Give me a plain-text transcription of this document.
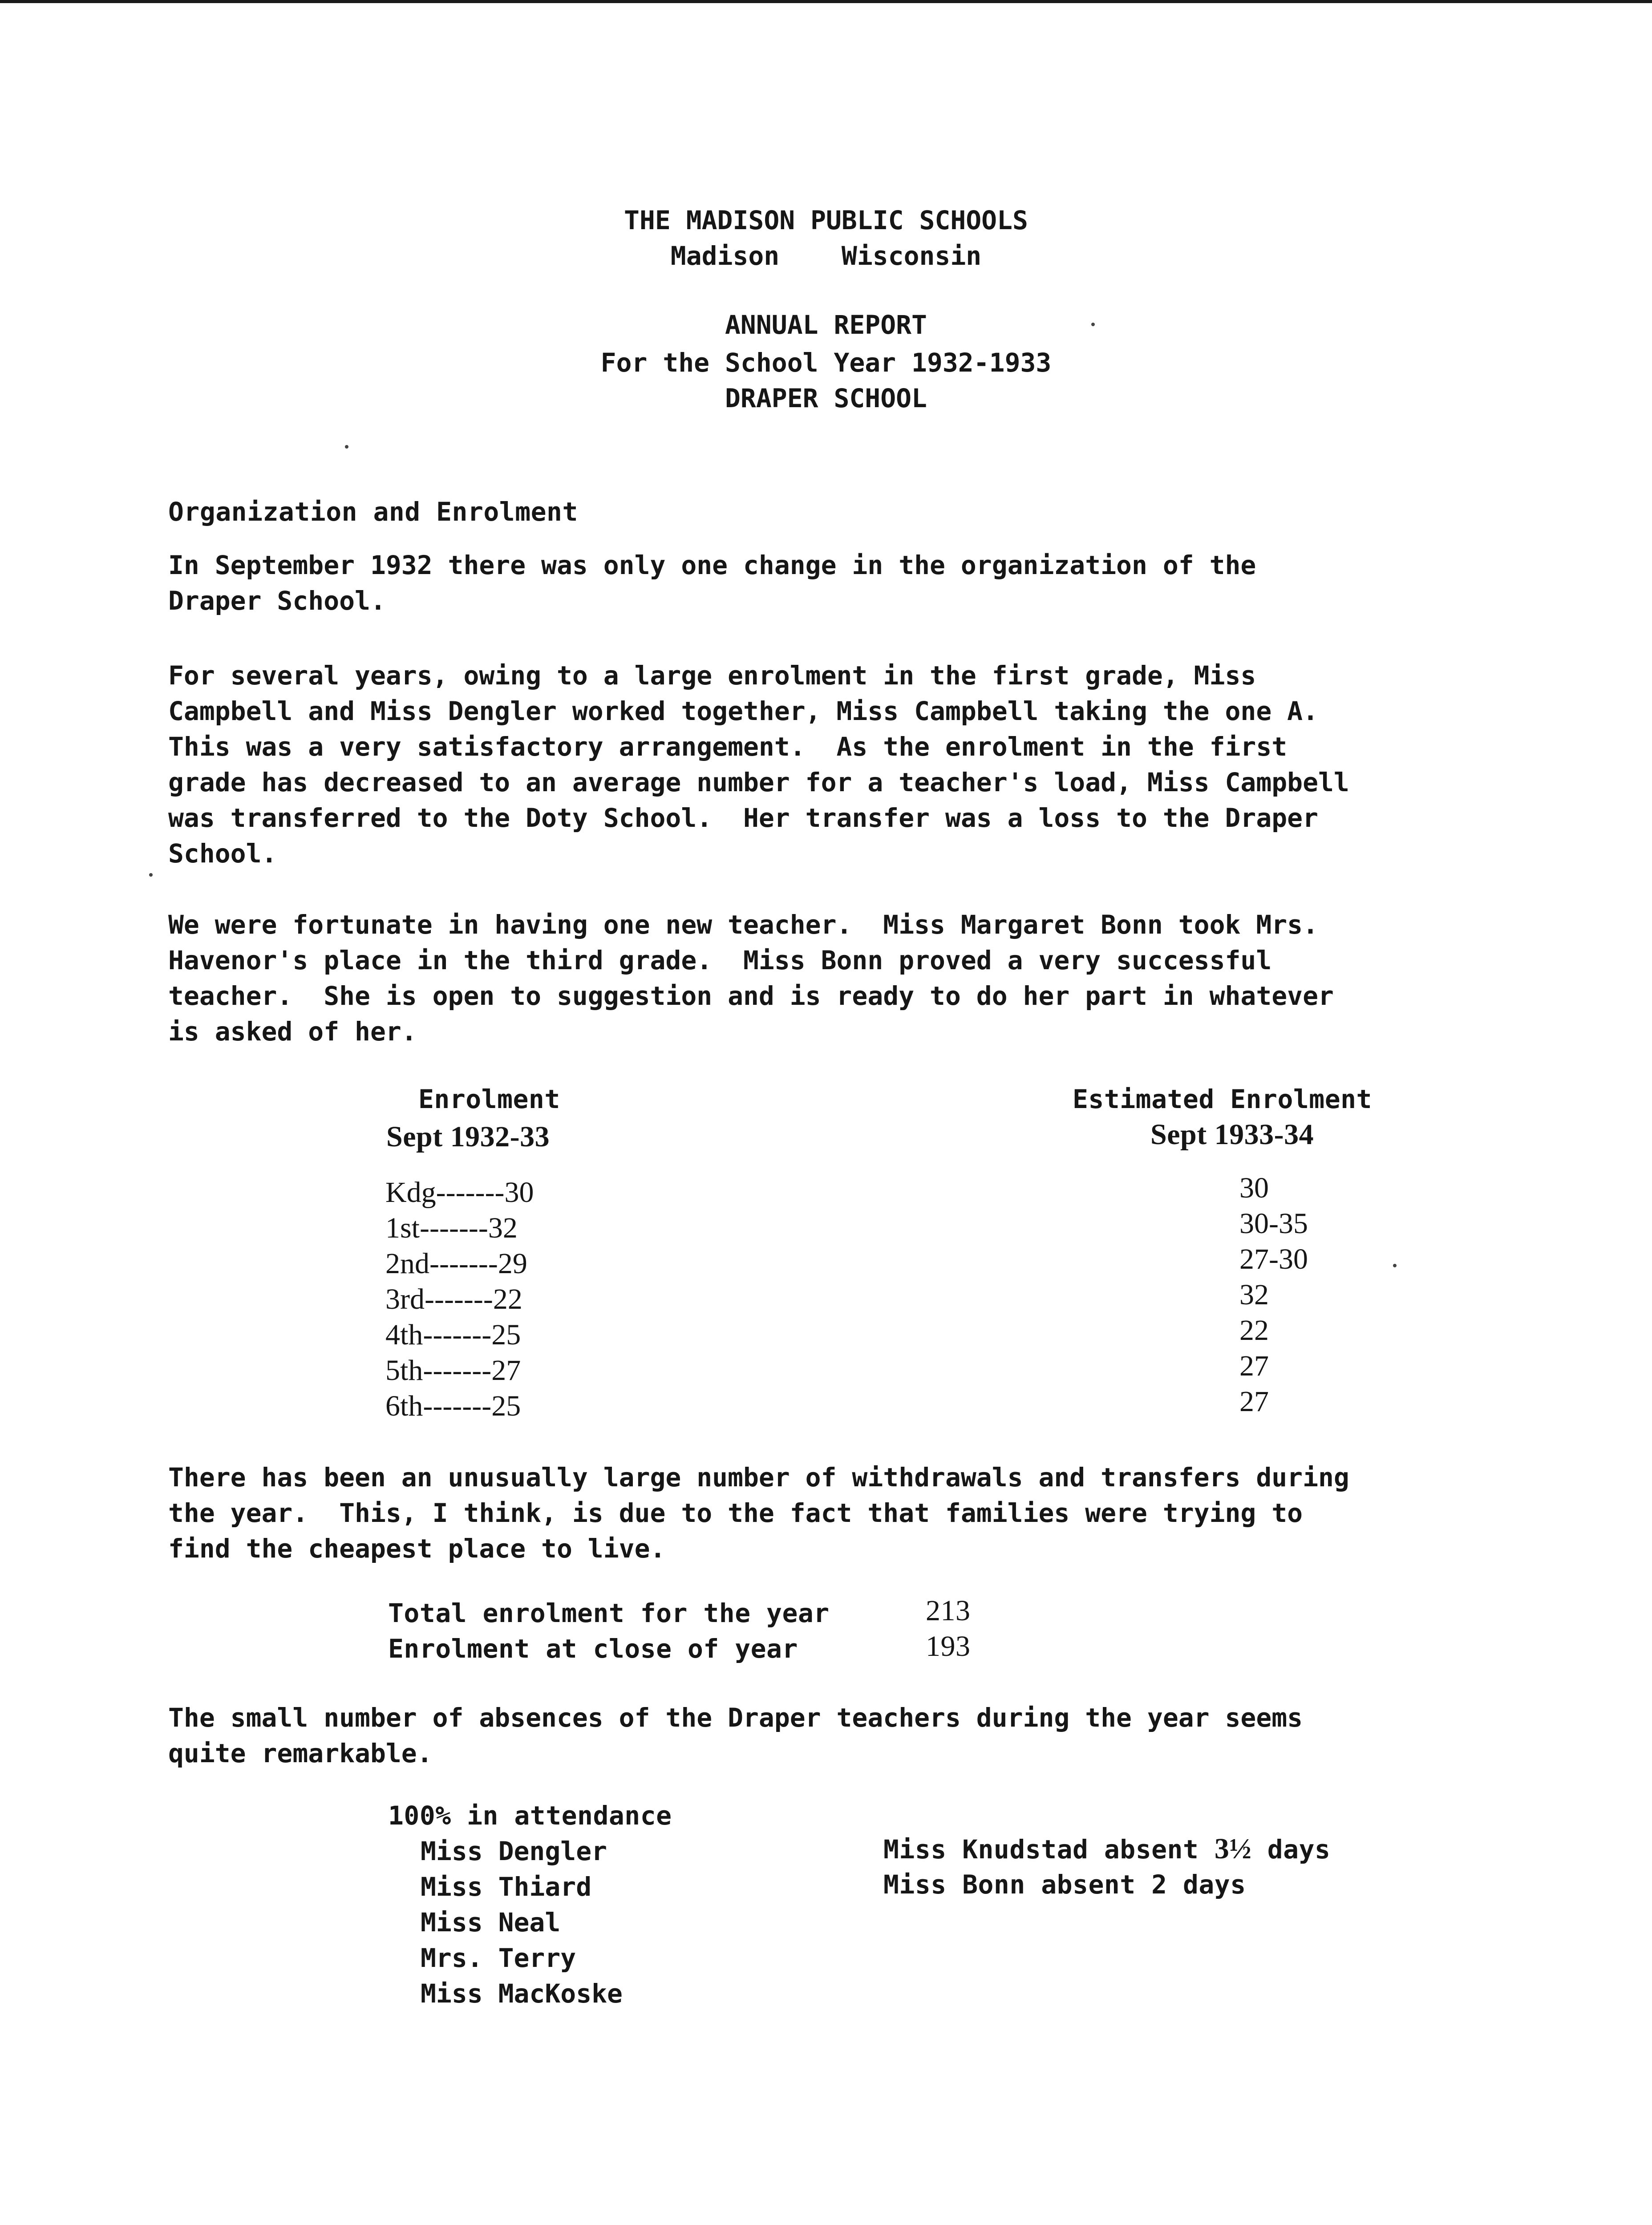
THE MADISON PUBLIC SCHOOLS
Madison Wisconsin
ANNUAL REPORT
For the School Year 1932-1933
DRAPER SCHOOL
Organization and Enrolment
In September 1932 there was only one change in the organization of the
Draper School.
For several years, owing to a large enrolment in the first grade, Miss
Campbell and Miss Dengler worked together, Miss Campbell taking the one A.
This was a very satisfactory arrangement.  As the enrolment in the first
grade has decreased to an average number for a teacher's load, Miss Campbell
was transferred to the Doty School.  Her transfer was a loss to the Draper
School.
We were fortunate in having one new teacher.  Miss Margaret Bonn took Mrs.
Havenor's place in the third grade.  Miss Bonn proved a very successful
teacher.  She is open to suggestion and is ready to do her part in whatever
is asked of her.
Enrolment
Sept 1932-33
Estimated Enrolment
Sept 1933-34
Kdg-------30
1st-------32
2nd-------29
3rd-------22
4th-------25
5th-------27
6th-------25
30
30-35
27-30
32
22
27
27
There has been an unusually large number of withdrawals and transfers during
the year.  This, I think, is due to the fact that families were trying to
find the cheapest place to live.
Total enrolment for the year	213
Enrolment at close of year	193
The small number of absences of the Draper teachers during the year seems
quite remarkable.
100% in attendance
Miss Dengler
Miss Thiard
Miss Neal
Mrs. Terry
Miss MacKoske
Miss Knudstad absent 3½ days
Miss Bonn absent 2 days
